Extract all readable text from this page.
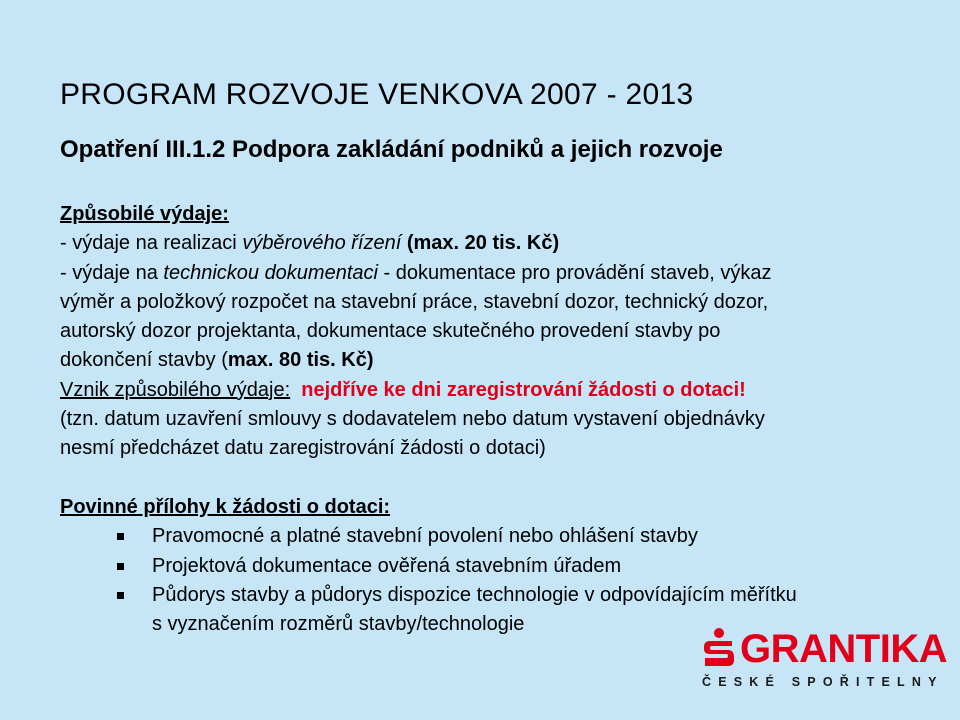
PROGRAM ROZVOJE VENKOVA 2007 - 2013
Opatření III.1.2 Podpora zakládání podniků a jejich rozvoje
Způsobilé výdaje:
- výdaje na realizaci výběrového řízení (max. 20 tis. Kč)
- výdaje na technickou dokumentaci - dokumentace pro provádění staveb, výkaz
výměr a položkový rozpočet na stavební práce, stavební dozor, technický dozor,
autorský dozor projektanta, dokumentace skutečného provedení stavby po
dokončení stavby (max. 80 tis. Kč)
Vznik způsobilého výdaje: nejdříve ke dni zaregistrování žádosti o dotaci!
(tzn. datum uzavření smlouvy s dodavatelem nebo datum vystavení objednávky
nesmí předcházet datu zaregistrování žádosti o dotaci)
Povinné přílohy k žádosti o dotaci:
Pravomocné a platné stavební povolení nebo ohlášení stavby
Projektová dokumentace ověřená stavebním úřadem
Půdorys stavby a půdorys dispozice technologie v odpovídajícím měřítku
s vyznačením rozměrů stavby/technologie
GRANTIKA
ČESKÉ SPOŘITELNY
